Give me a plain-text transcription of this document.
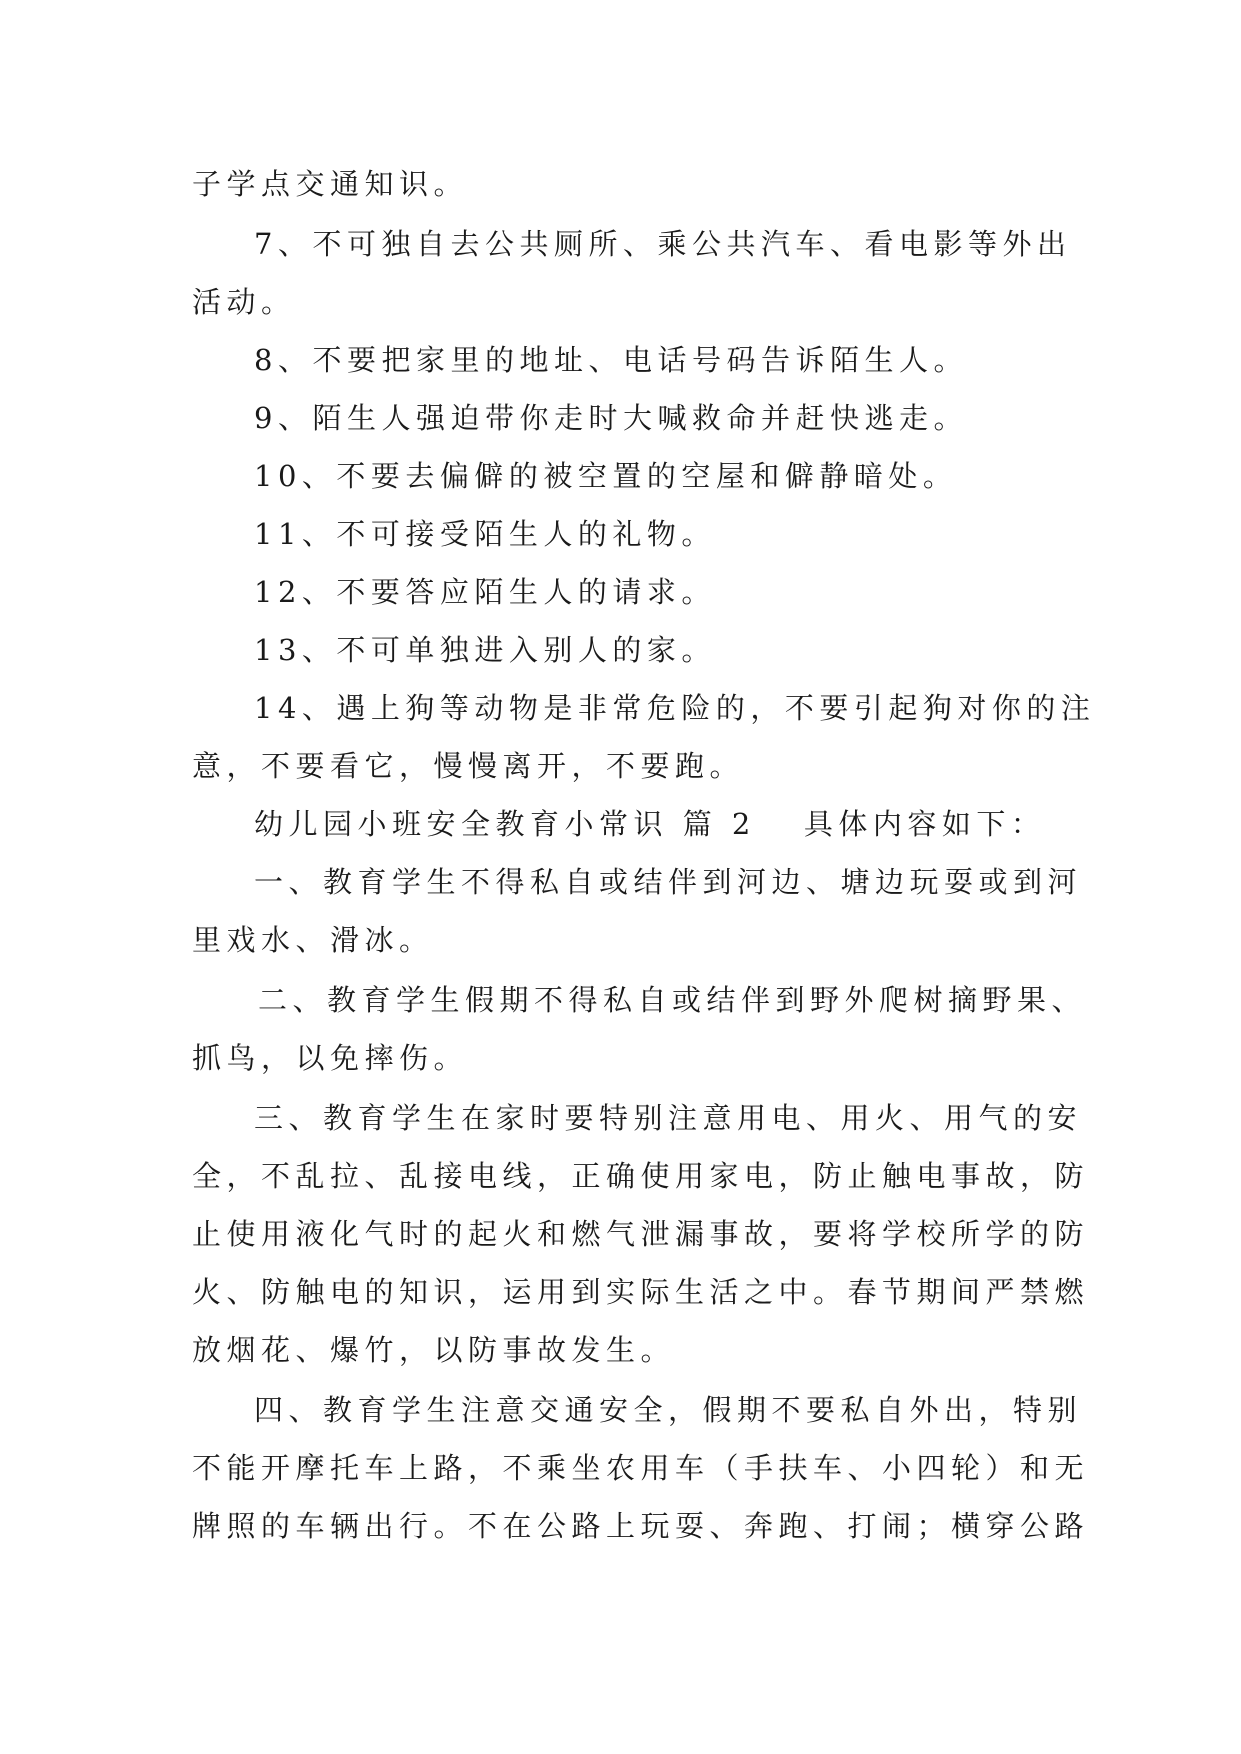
子学点交通知识。
7、不可独自去公共厕所、乘公共汽车、看电影等外出
活动。
8、不要把家里的地址、电话号码告诉陌生人。
9、陌生人强迫带你走时大喊救命并赶快逃走。
10、不要去偏僻的被空置的空屋和僻静暗处。
11、不可接受陌生人的礼物。
12、不要答应陌生人的请求。
13、不可单独进入别人的家。
14、遇上狗等动物是非常危险的，不要引起狗对你的注
意，不要看它，慢慢离开，不要跑。
幼儿园小班安全教育小常识 篇 2 具体内容如下：
一、教育学生不得私自或结伴到河边、塘边玩耍或到河
里戏水、滑冰。
二、教育学生假期不得私自或结伴到野外爬树摘野果、
抓鸟，以免摔伤。
三、教育学生在家时要特别注意用电、用火、用气的安
全，不乱拉、乱接电线，正确使用家电，防止触电事故，防
止使用液化气时的起火和燃气泄漏事故，要将学校所学的防
火、防触电的知识，运用到实际生活之中。春节期间严禁燃
放烟花、爆竹，以防事故发生。
四、教育学生注意交通安全，假期不要私自外出，特别
不能开摩托车上路，不乘坐农用车（手扶车、小四轮）和无
牌照的车辆出行。不在公路上玩耍、奔跑、打闹；横穿公路
